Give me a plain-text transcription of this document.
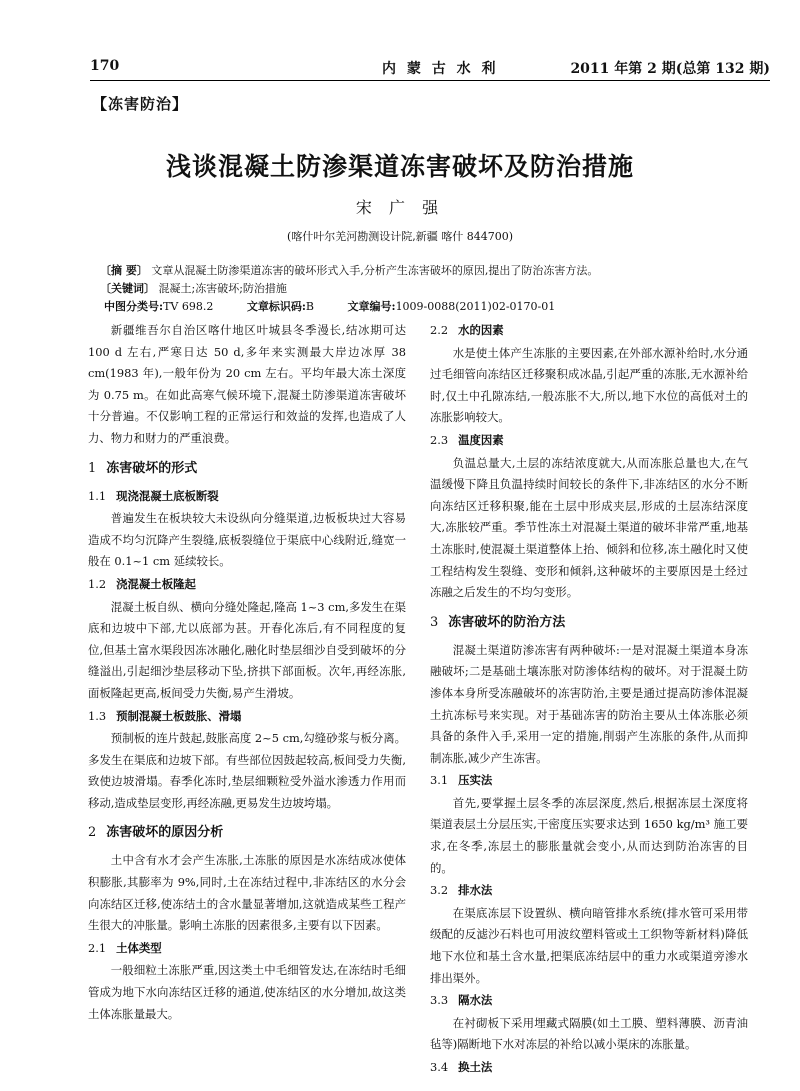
170	内 蒙 古 水 利	2011 年第 2 期(总第 132 期)
【冻害防治】
浅谈混凝土防渗渠道冻害破坏及防治措施
宋 广 强
(喀什叶尔羌河勘测设计院,新疆 喀什 844700)
〔摘 要〕 文章从混凝土防渗渠道冻害的破坏形式入手,分析产生冻害破坏的原因,提出了防治冻害方法。
〔关键词〕 混凝土;冻害破坏;防治措施
中图分类号:TV 698.2	文章标识码:B	文章编号:1009-0088(2011)02-0170-01

新疆维吾尔自治区喀什地区叶城县冬季漫长,结冰期可达 100 d 左右,严寒日达 50 d,多年来实测最大岸边冰厚 38 cm(1983 年),一般年份为 20 cm 左右。平均年最大冻土深度为 0.75 m。在如此高寒气候环境下,混凝土防渗渠道冻害破坏十分普遍。不仅影响工程的正常运行和效益的发挥,也造成了人力、物力和财力的严重浪费。

1 冻害破坏的形式
1.1 现浇混凝土底板断裂

普遍发生在板块较大未设纵向分缝渠道,边板板块过大容易造成不均匀沉降产生裂缝,底板裂缝位于渠底中心线附近,缝宽一般在 0.1~1 cm 延续较长。

1.2 浇混凝土板隆起

混凝土板自纵、横向分缝处隆起,隆高 1~3 cm,多发生在渠底和边坡中下部,尤以底部为甚。开春化冻后,有不同程度的复位,但基土富水渠段因冻冰融化,融化时垫层细沙自受到破坏的分缝溢出,引起细沙垫层移动下坠,挤拱下部面板。次年,再经冻胀,面板隆起更高,板间受力失衡,易产生滑坡。

1.3 预制混凝土板鼓胀、滑塌

预制板的连片鼓起,鼓胀高度 2~5 cm,勾缝砂浆与板分离。多发生在渠底和边坡下部。有些部位因鼓起较高,板间受力失衡,致使边坡滑塌。春季化冻时,垫层细颗粒受外溢水渗透力作用而移动,造成垫层变形,再经冻融,更易发生边坡垮塌。

2 冻害破坏的原因分析

土中含有水才会产生冻胀,土冻胀的原因是水冻结成冰使体积膨胀,其膨率为 9%,同时,土在冻结过程中,非冻结区的水分会向冻结区迁移,使冻结土的含水量显著增加,这就造成某些工程产生很大的冲胀量。影响土冻胀的因素很多,主要有以下因素。

2.1 土体类型

一般细粒土冻胀严重,因这类土中毛细管发达,在冻结时毛细管成为地下水向冻结区迁移的通道,使冻结区的水分增加,故这类土体冻胀量最大。

2.2 水的因素

水是使土体产生冻胀的主要因素,在外部水源补给时,水分通过毛细管向冻结区迁移聚积成冰晶,引起严重的冻胀,无水源补给时,仅土中孔隙冻结,一般冻胀不大,所以,地下水位的高低对土的冻胀影响较大。

2.3 温度因素

负温总量大,土层的冻结浓度就大,从而冻胀总量也大,在气温缓慢下降且负温持续时间较长的条件下,非冻结区的水分不断向冻结区迁移积聚,能在土层中形成夹层,形成的土层冻结深度大,冻胀较严重。季节性冻土对混凝土渠道的破坏非常严重,地基土冻胀时,使混凝土渠道整体上抬、倾斜和位移,冻土融化时又使工程结构发生裂缝、变形和倾斜,这种破坏的主要原因是土经过冻融之后发生的不均匀变形。

3 冻害破坏的防治方法

混凝土渠道防渗冻害有两种破坏:一是对混凝土渠道本身冻融破坏;二是基础土壤冻胀对防渗体结构的破坏。对于混凝土防渗体本身所受冻融破坏的冻害防治,主要是通过提高防渗体混凝土抗冻标号来实现。对于基础冻害的防治主要从土体冻胀必须具备的条件入手,采用一定的措施,削弱产生冻胀的条件,从而抑制冻胀,减少产生冻害。

3.1 压实法

首先,要掌握土层冬季的冻层深度,然后,根据冻层土深度将渠道表层土分层压实,干密度压实要求达到 1650 kg/m³ 施工要求,在冬季,冻层土的膨胀量就会变小,从而达到防治冻害的目的。

3.2 排水法

在渠底冻层下设置纵、横向暗管排水系统(排水管可采用带级配的反滤沙石料也可用波纹塑料管或土工织物等新材料)降低地下水位和基土含水量,把渠底冻结层中的重力水或渠道旁渗水排出渠外。

3.3 隔水法

在衬砌板下采用埋藏式隔膜(如土工膜、塑料薄膜、沥青油毡等)隔断地下水对冻层的补给以减小渠床的冻胀量。

3.4 换土法
